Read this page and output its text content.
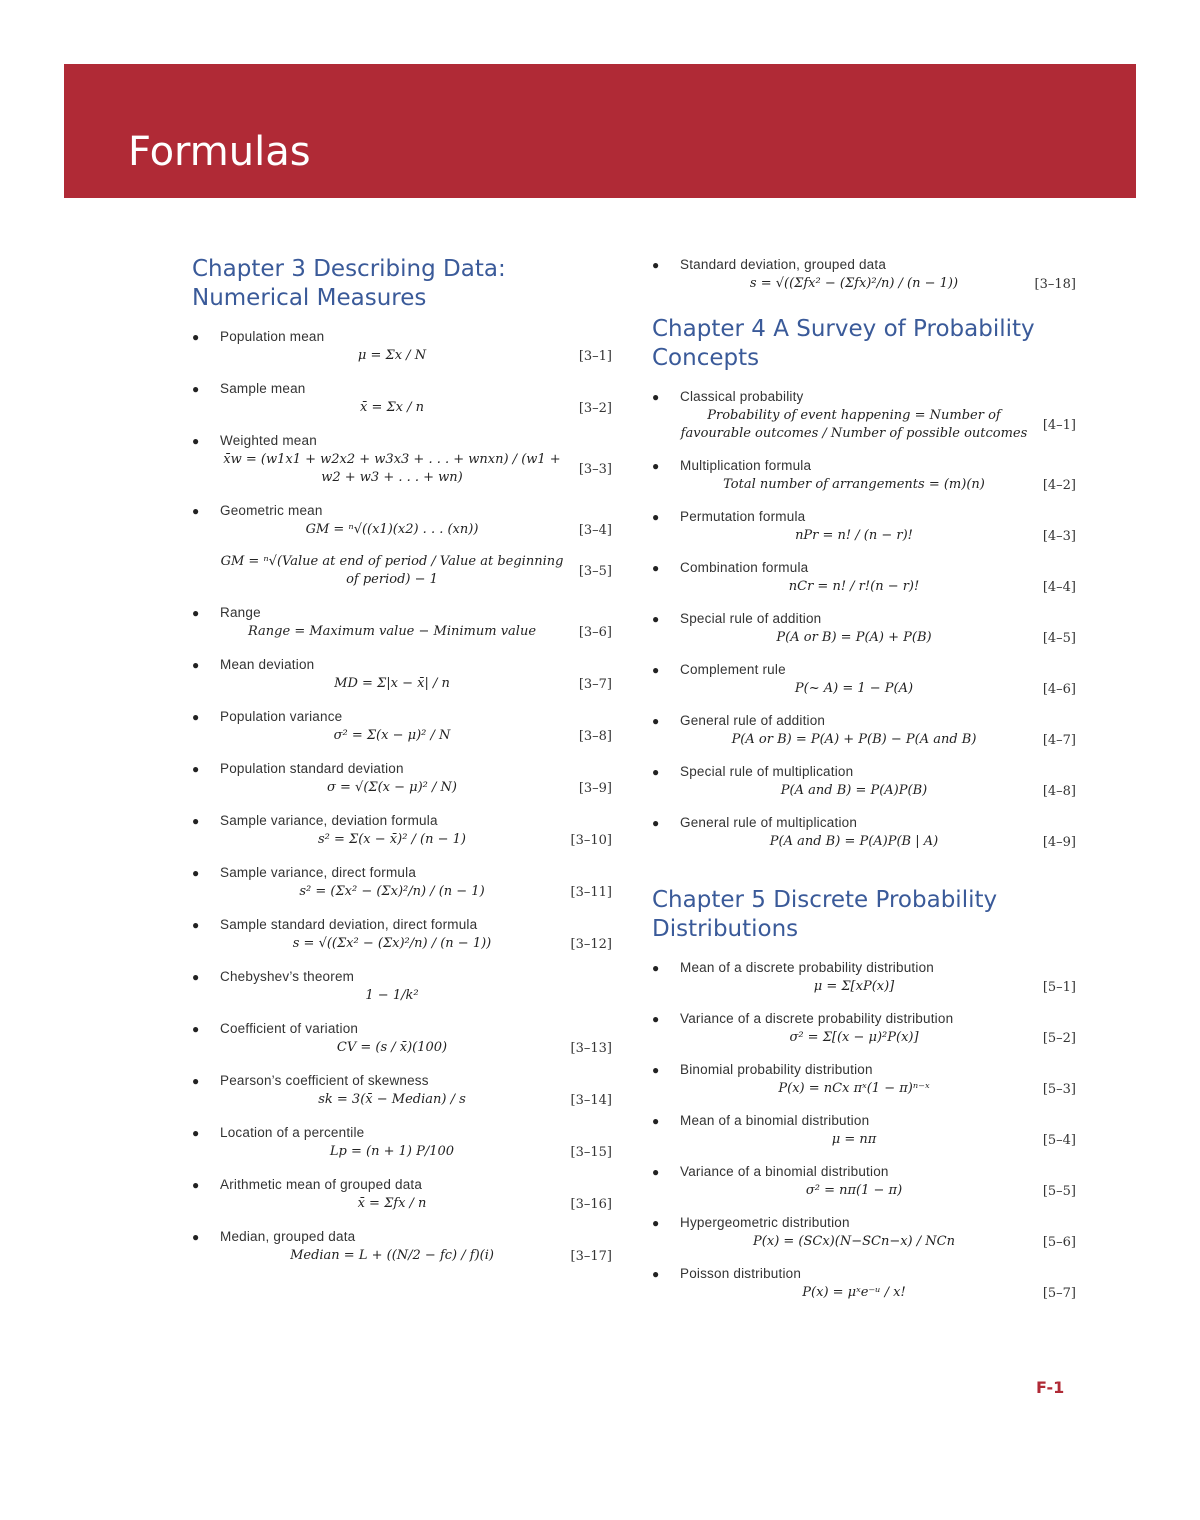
Formulas
Chapter 3 Describing Data: Numerical Measures
● Population mean
μ = Σx / N	[3–1]
● Sample mean
x̄ = Σx / n	[3–2]
● Weighted mean
x̄w = (w1x1 + w2x2 + w3x3 + . . . + wnxn) / (w1 + w2 + w3 + . . . + wn)
[3–3]
● Geometric mean
GM = ⁿ√((x1)(x2) . . . (xn))	[3–4]
GM = ⁿ√(Value at end of period / Value at beginning of period) − 1
[3–5]
● Range
Range = Maximum value − Minimum value	[3–6]
● Mean deviation
MD = Σ|x − x̄| / n	[3–7]
● Population variance
σ² = Σ(x − μ)² / N	[3–8]
● Population standard deviation
σ = √(Σ(x − μ)² / N)	[3–9]
● Sample variance, deviation formula
s² = Σ(x − x̄)² / (n − 1)	[3–10]
● Sample variance, direct formula
s² = (Σx² − (Σx)²/n) / (n − 1)	[3–11]
● Sample standard deviation, direct formula
s = √((Σx² − (Σx)²/n) / (n − 1))	[3–12]
● Chebyshev’s theorem
1 − 1/k²
● Coefficient of variation
CV = (s / x̄)(100)	[3–13]
● Pearson’s coefficient of skewness
sk = 3(x̄ − Median) / s	[3–14]
● Location of a percentile
Lp = (n + 1) P/100	[3–15]
● Arithmetic mean of grouped data
x̄ = Σfx / n	[3–16]
● Median, grouped data
Median = L + ((N/2 − fc) / f)(i)	[3–17]
● Standard deviation, grouped data
s = √((Σfx² − (Σfx)²/n) / (n − 1))	[3–18]
Chapter 4 A Survey of Probability Concepts
● Classical probability
Probability of event happening = Number of favourable outcomes / Number of possible outcomes
[4–1]
● Multiplication formula
Total number of arrangements = (m)(n)	[4–2]
● Permutation formula
nPr = n! / (n − r)!	[4–3]
● Combination formula
nCr = n! / r!(n − r)!	[4–4]
● Special rule of addition
P(A or B) = P(A) + P(B)	[4–5]
● Complement rule
P(~ A) = 1 − P(A)	[4–6]
● General rule of addition
P(A or B) = P(A) + P(B) − P(A and B)	[4–7]
● Special rule of multiplication
P(A and B) = P(A)P(B)	[4–8]
● General rule of multiplication
P(A and B) = P(A)P(B | A)	[4–9]
Chapter 5 Discrete Probability Distributions
● Mean of a discrete probability distribution
μ = Σ[xP(x)]	[5–1]
● Variance of a discrete probability distribution
σ² = Σ[(x − μ)²P(x)]	[5–2]
● Binomial probability distribution
P(x) = nCx πˣ(1 − π)ⁿ⁻ˣ	[5–3]
● Mean of a binomial distribution
μ = nπ	[5–4]
● Variance of a binomial distribution
σ² = nπ(1 − π)	[5–5]
● Hypergeometric distribution
P(x) = (SCx)(N−SCn−x) / NCn	[5–6]
● Poisson distribution
P(x) = μˣe⁻ᵘ / x!	[5–7]
F-1
